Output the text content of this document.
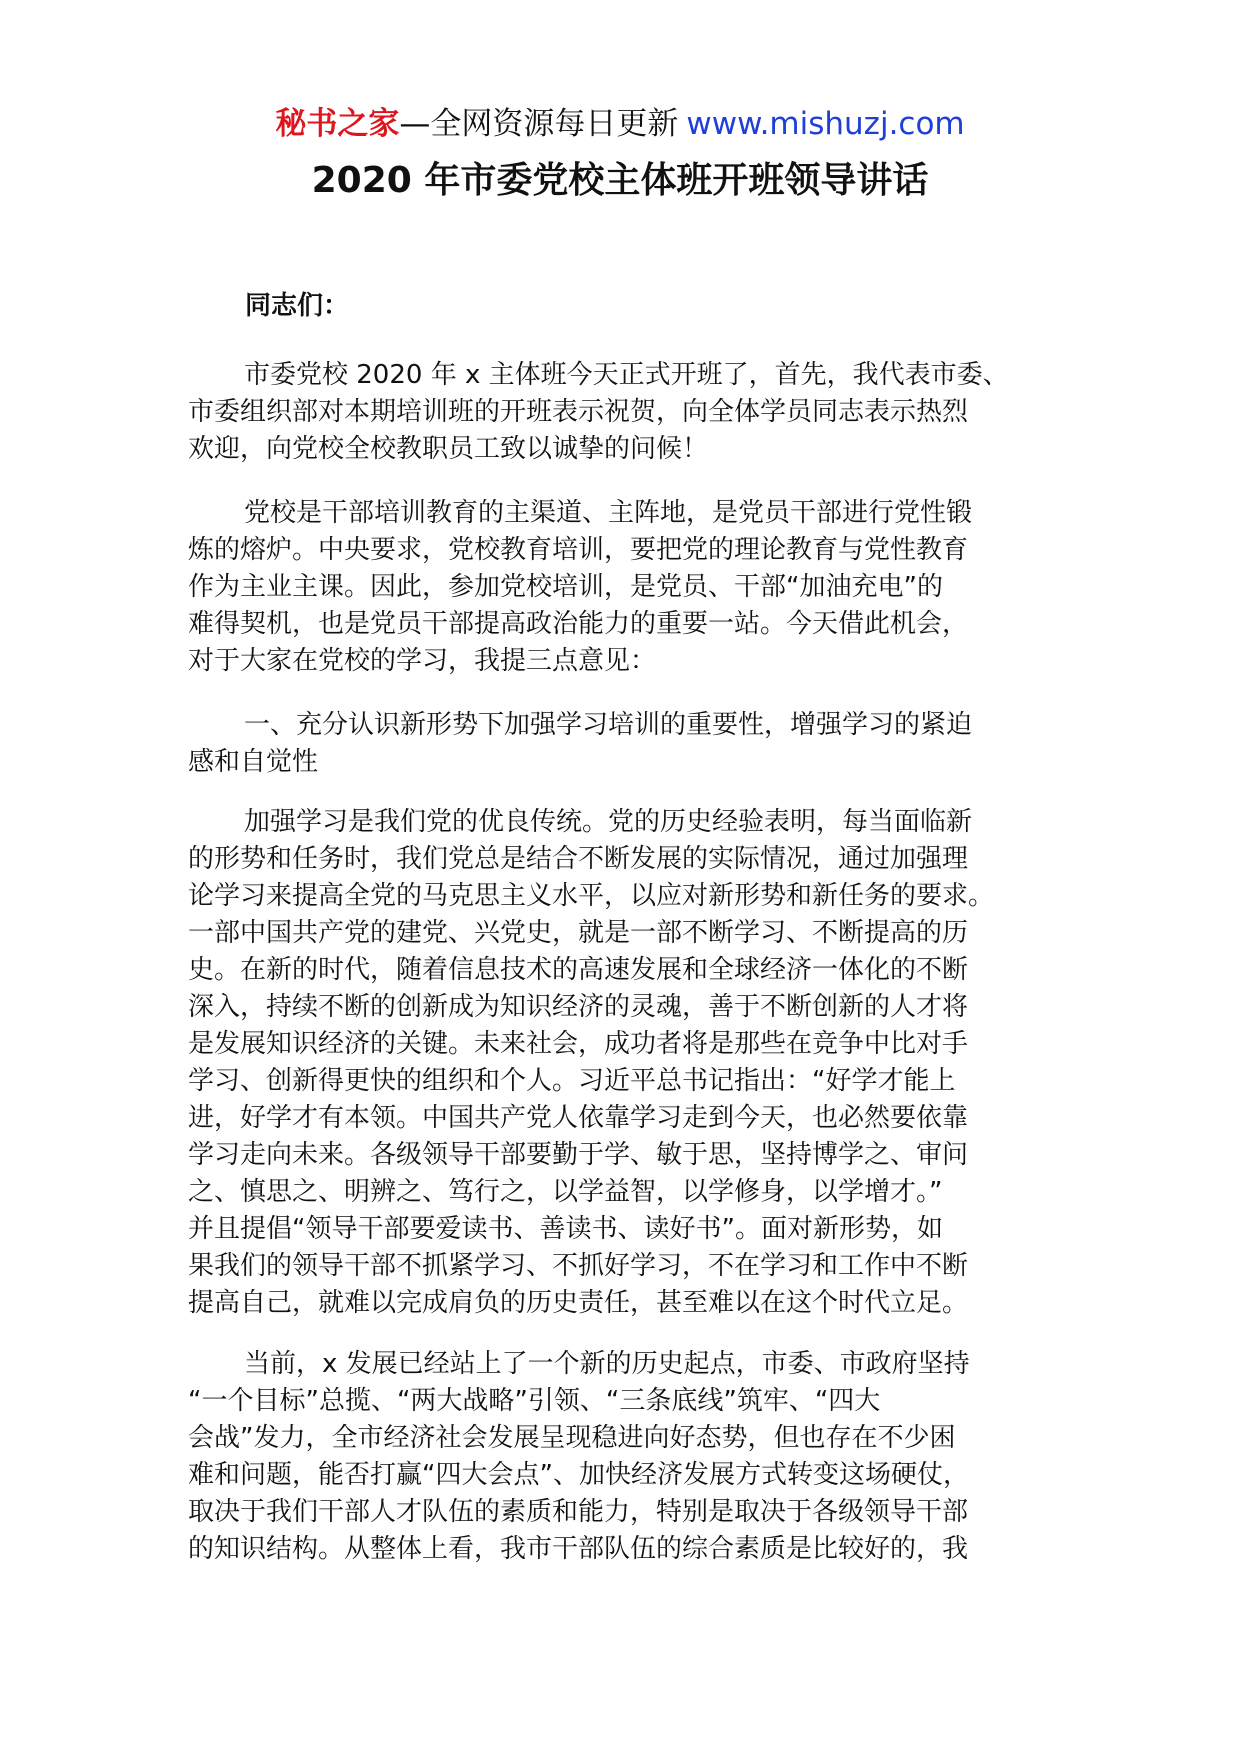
秘书之家—全网资源每日更新 www.mishuzj.com
2020 年市委党校主体班开班领导讲话
同志们：
市委党校 2020 年 x 主体班今天正式开班了，首先，我代表市委、
市委组织部对本期培训班的开班表示祝贺，向全体学员同志表示热烈
欢迎，向党校全校教职员工致以诚挚的问候！
党校是干部培训教育的主渠道、主阵地，是党员干部进行党性锻
炼的熔炉。中央要求，党校教育培训，要把党的理论教育与党性教育
作为主业主课。因此，参加党校培训，是党员、干部“加油充电”的
难得契机，也是党员干部提高政治能力的重要一站。今天借此机会，
对于大家在党校的学习，我提三点意见：
一、充分认识新形势下加强学习培训的重要性，增强学习的紧迫
感和自觉性
加强学习是我们党的优良传统。党的历史经验表明，每当面临新
的形势和任务时，我们党总是结合不断发展的实际情况，通过加强理
论学习来提高全党的马克思主义水平，以应对新形势和新任务的要求。
一部中国共产党的建党、兴党史，就是一部不断学习、不断提高的历
史。在新的时代，随着信息技术的高速发展和全球经济一体化的不断
深入，持续不断的创新成为知识经济的灵魂，善于不断创新的人才将
是发展知识经济的关键。未来社会，成功者将是那些在竞争中比对手
学习、创新得更快的组织和个人。习近平总书记指出：“好学才能上
进，好学才有本领。中国共产党人依靠学习走到今天，也必然要依靠
学习走向未来。各级领导干部要勤于学、敏于思，坚持博学之、审问
之、慎思之、明辨之、笃行之，以学益智，以学修身，以学增才。”
并且提倡“领导干部要爱读书、善读书、读好书”。面对新形势，如
果我们的领导干部不抓紧学习、不抓好学习，不在学习和工作中不断
提高自己，就难以完成肩负的历史责任，甚至难以在这个时代立足。
当前，x 发展已经站上了一个新的历史起点，市委、市政府坚持
“一个目标”总揽、“两大战略”引领、“三条底线”筑牢、“四大
会战”发力，全市经济社会发展呈现稳进向好态势，但也存在不少困
难和问题，能否打赢“四大会点”、加快经济发展方式转变这场硬仗，
取决于我们干部人才队伍的素质和能力，特别是取决于各级领导干部
的知识结构。从整体上看，我市干部队伍的综合素质是比较好的，我
